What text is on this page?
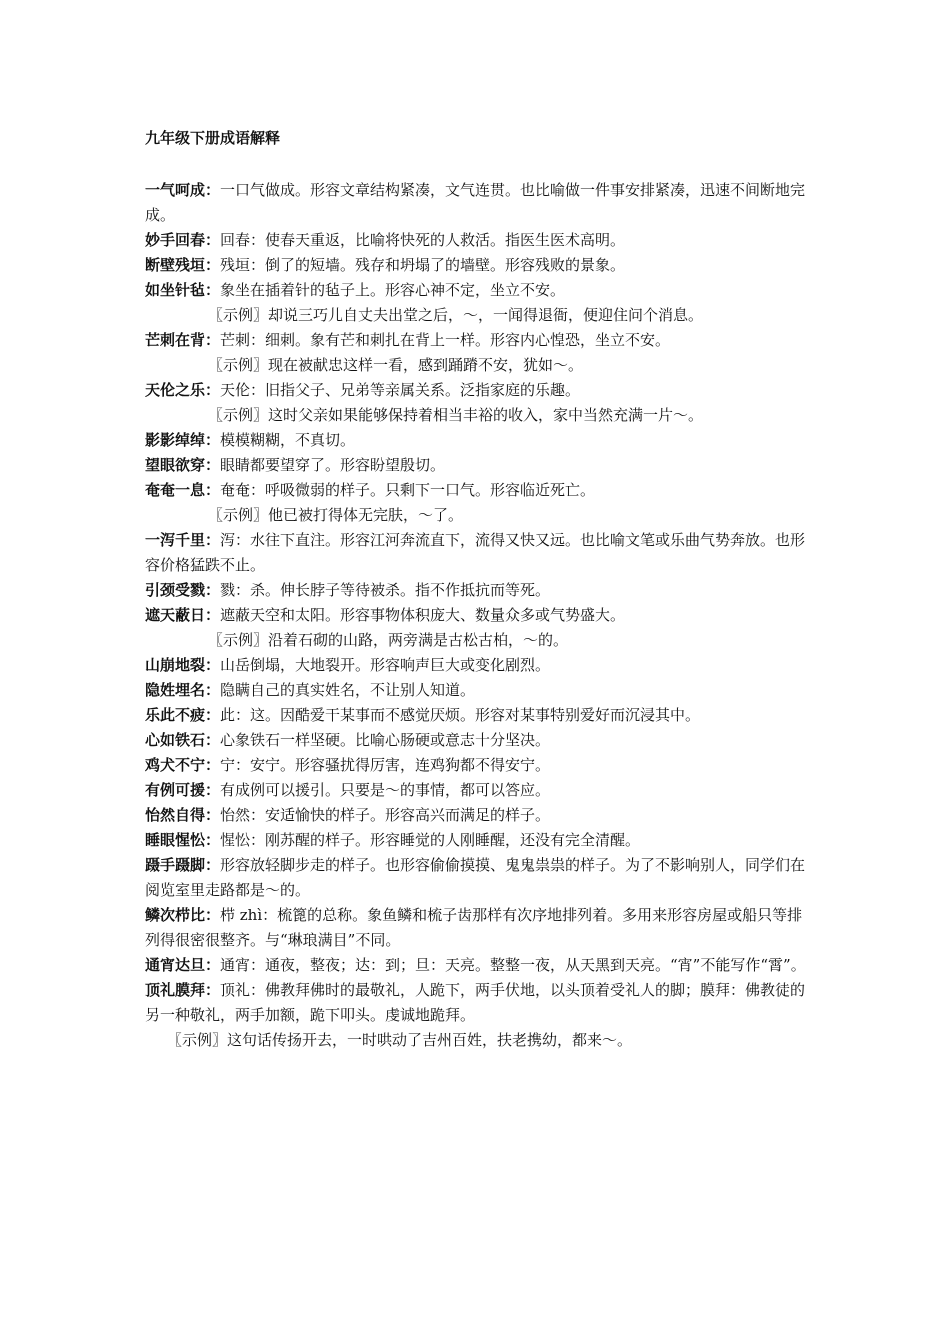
九年级下册成语解释

一气呵成：一口气做成。形容文章结构紧凑，文气连贯。也比喻做一件事安排紧凑，迅速不间断地完成。

妙手回春：回春：使春天重返，比喻将快死的人救活。指医生医术高明。

断壁残垣：残垣：倒了的短墙。残存和坍塌了的墙壁。形容残败的景象。

如坐针毡：象坐在插着针的毡子上。形容心神不定，坐立不安。

〖示例〗却说三巧儿自丈夫出堂之后，～，一闻得退衙，便迎住问个消息。

芒刺在背：芒刺：细刺。象有芒和刺扎在背上一样。形容内心惶恐，坐立不安。

〖示例〗现在被献忠这样一看，感到踊蹐不安，犹如～。

天伦之乐：天伦：旧指父子、兄弟等亲属关系。泛指家庭的乐趣。

〖示例〗这时父亲如果能够保持着相当丰裕的收入，家中当然充满一片～。

影影绰绰：模模糊糊，不真切。

望眼欲穿：眼睛都要望穿了。形容盼望殷切。

奄奄一息：奄奄：呼吸微弱的样子。只剩下一口气。形容临近死亡。

〖示例〗他已被打得体无完肤，～了。

一泻千里：泻：水往下直注。形容江河奔流直下，流得又快又远。也比喻文笔或乐曲气势奔放。也形容价格猛跌不止。

引颈受戮：戮：杀。伸长脖子等待被杀。指不作抵抗而等死。

遮天蔽日：遮蔽天空和太阳。形容事物体积庞大、数量众多或气势盛大。

〖示例〗沿着石砌的山路，两旁满是古松古柏，～的。

山崩地裂：山岳倒塌，大地裂开。形容响声巨大或变化剧烈。

隐姓埋名：隐瞒自己的真实姓名，不让别人知道。

乐此不疲：此：这。因酷爱干某事而不感觉厌烦。形容对某事特别爱好而沉浸其中。

心如铁石：心象铁石一样坚硬。比喻心肠硬或意志十分坚决。

鸡犬不宁：宁：安宁。形容骚扰得厉害，连鸡狗都不得安宁。

有例可援：有成例可以援引。只要是～的事情，都可以答应。

怡然自得：怡然：安适愉快的样子。形容高兴而满足的样子。

睡眼惺忪：惺忪：刚苏醒的样子。形容睡觉的人刚睡醒，还没有完全清醒。

蹑手蹑脚：形容放轻脚步走的样子。也形容偷偷摸摸、鬼鬼祟祟的样子。为了不影响别人，同学们在阅览室里走路都是～的。

鳞次栉比：栉 zhì：梳篦的总称。象鱼鳞和梳子齿那样有次序地排列着。多用来形容房屋或船只等排列得很密很整齐。与“琳琅满目”不同。

通宵达旦：通宵：通夜，整夜；达：到；旦：天亮。整整一夜，从天黑到天亮。“宵”不能写作“霄”。

顶礼膜拜：顶礼：佛教拜佛时的最敬礼，人跪下，两手伏地，以头顶着受礼人的脚；膜拜：佛教徒的另一种敬礼，两手加额，跪下叩头。虔诚地跪拜。

〖示例〗这句话传扬开去，一时哄动了吉州百姓，扶老携幼，都来～。
